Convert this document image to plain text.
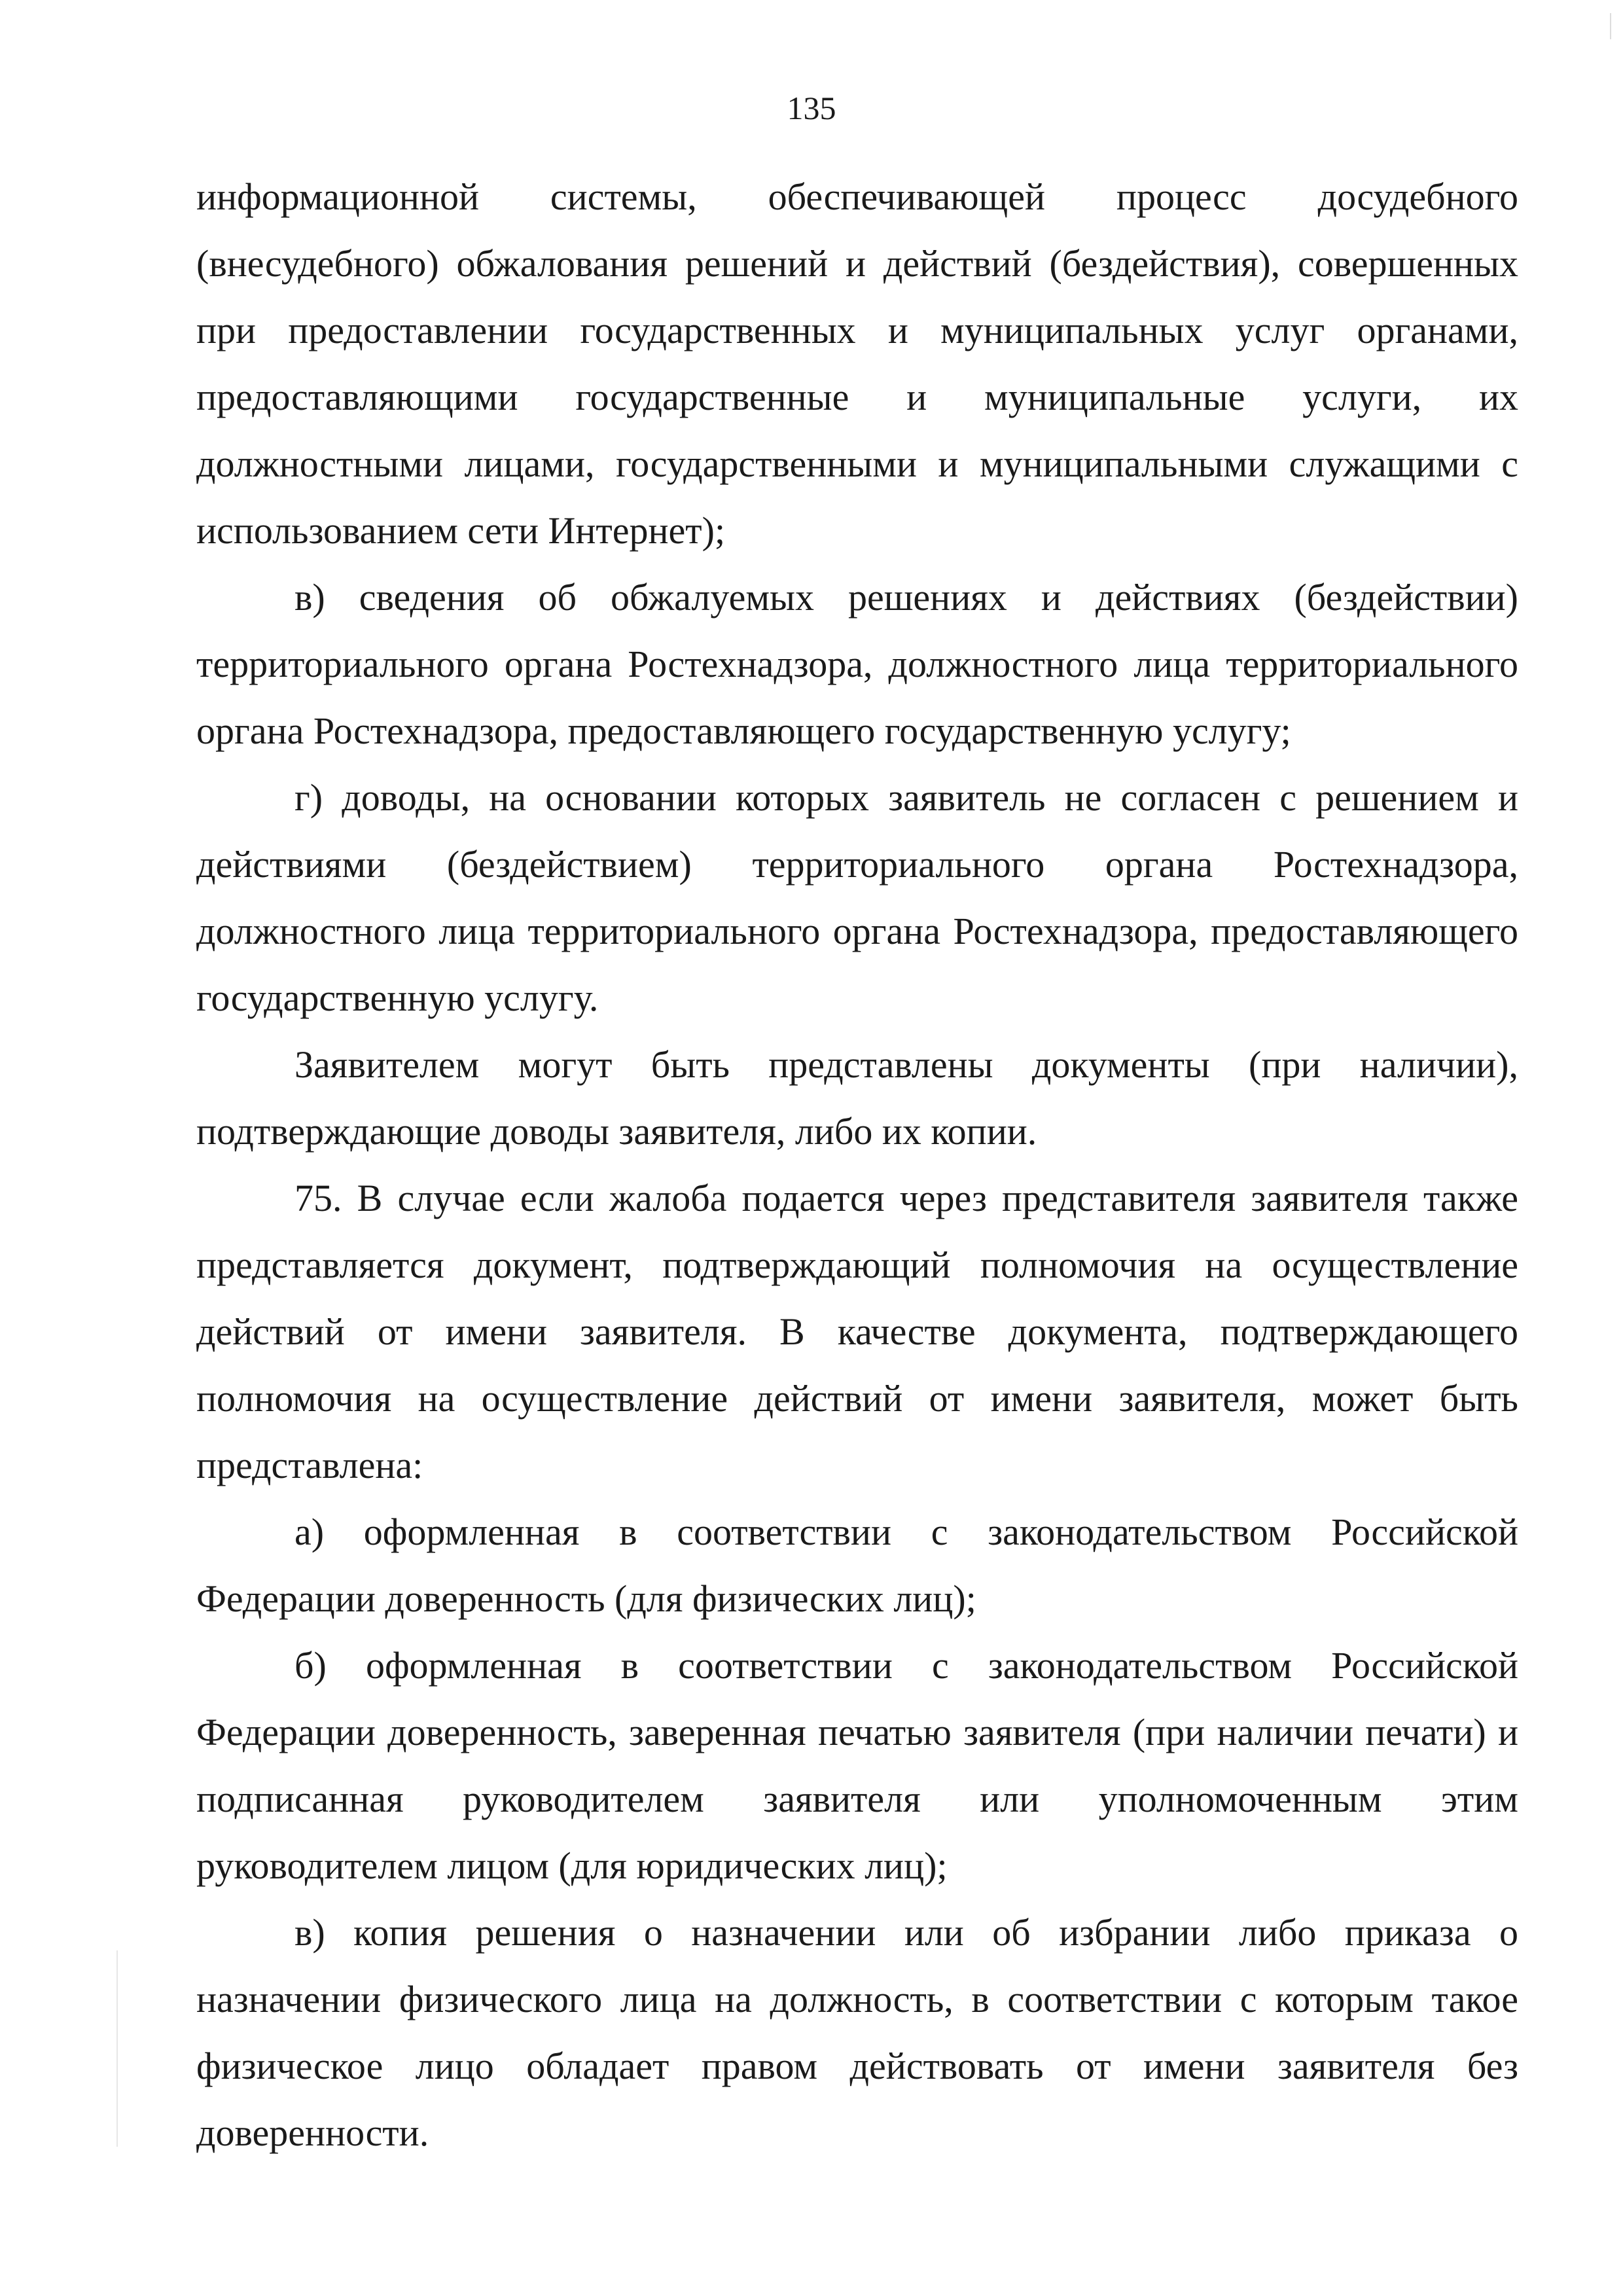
135

информационной системы, обеспечивающей процесс досудебного (внесудебного) обжалования решений и действий (бездействия), совершенных при предоставлении государственных и муниципальных услуг органами, предоставляющими государственные и муниципальные услуги, их должностными лицами, государственными и муниципальными служащими с использованием сети Интернет);

в) сведения об обжалуемых решениях и действиях (бездействии) территориального органа Ростехнадзора, должностного лица территориального органа Ростехнадзора, предоставляющего государственную услугу;

г) доводы, на основании которых заявитель не согласен с решением и действиями (бездействием) территориального органа Ростехнадзора, должностного лица территориального органа Ростехнадзора, предоставляющего государственную услугу.

Заявителем могут быть представлены документы (при наличии), подтверждающие доводы заявителя, либо их копии.

75. В случае если жалоба подается через представителя заявителя также представляется документ, подтверждающий полномочия на осуществление действий от имени заявителя. В качестве документа, подтверждающего полномочия на осуществление действий от имени заявителя, может быть представлена:

а) оформленная в соответствии с законодательством Российской Федерации доверенность (для физических лиц);

б) оформленная в соответствии с законодательством Российской Федерации доверенность, заверенная печатью заявителя (при наличии печати) и подписанная руководителем заявителя или уполномоченным этим руководителем лицом (для юридических лиц);

в) копия решения о назначении или об избрании либо приказа о назначении физического лица на должность, в соответствии с которым такое физическое лицо обладает правом действовать от имени заявителя без доверенности.
